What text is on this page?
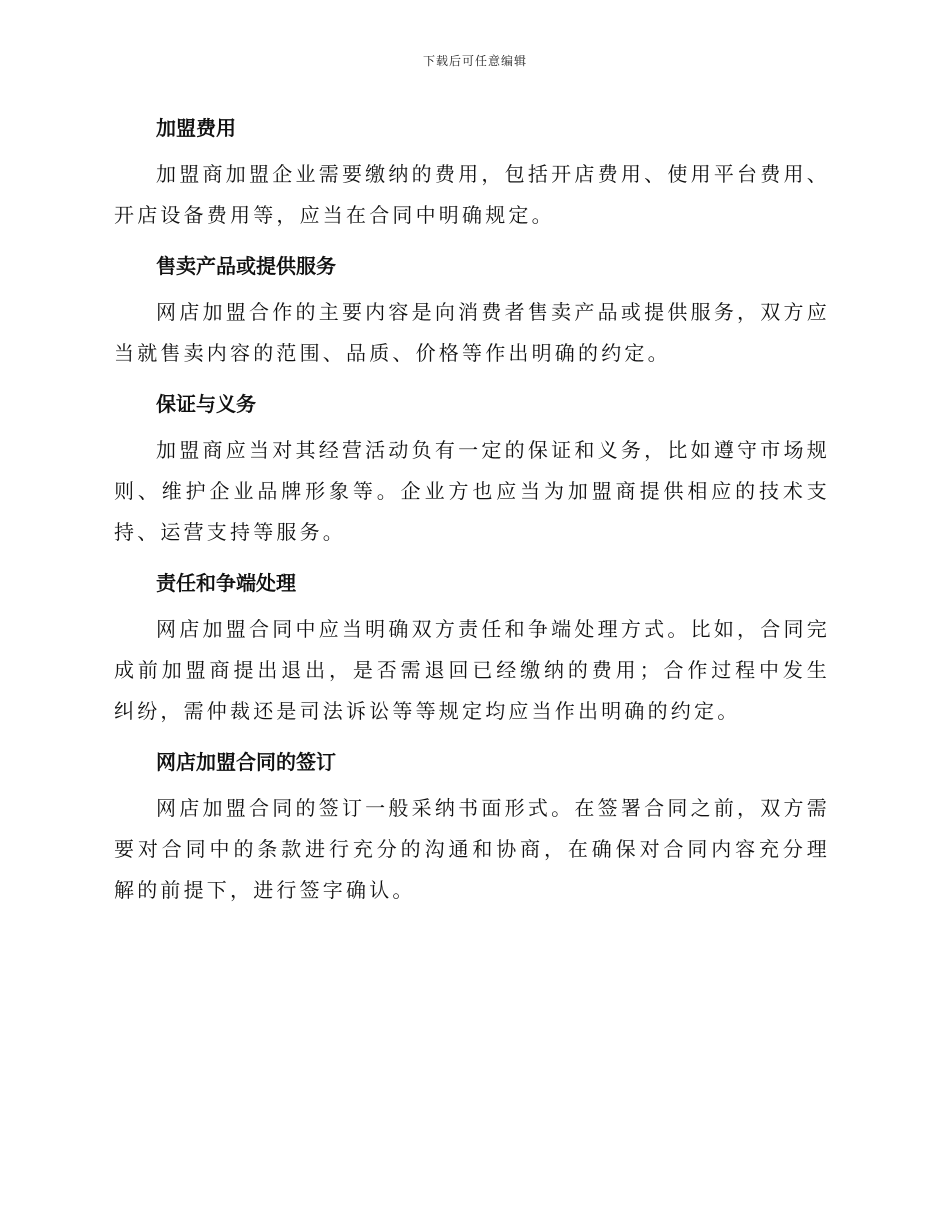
下载后可任意编辑
加盟费用

加盟商加盟企业需要缴纳的费用，包括开店费用、使用平台费用、开店设备费用等，应当在合同中明确规定。

售卖产品或提供服务

网店加盟合作的主要内容是向消费者售卖产品或提供服务，双方应当就售卖内容的范围、品质、价格等作出明确的约定。

保证与义务

加盟商应当对其经营活动负有一定的保证和义务，比如遵守市场规则、维护企业品牌形象等。企业方也应当为加盟商提供相应的技术支持、运营支持等服务。

责任和争端处理

网店加盟合同中应当明确双方责任和争端处理方式。比如，合同完成前加盟商提出退出，是否需退回已经缴纳的费用；合作过程中发生纠纷，需仲裁还是司法诉讼等等规定均应当作出明确的约定。

网店加盟合同的签订

网店加盟合同的签订一般采纳书面形式。在签署合同之前，双方需要对合同中的条款进行充分的沟通和协商，在确保对合同内容充分理解的前提下，进行签字确认。
